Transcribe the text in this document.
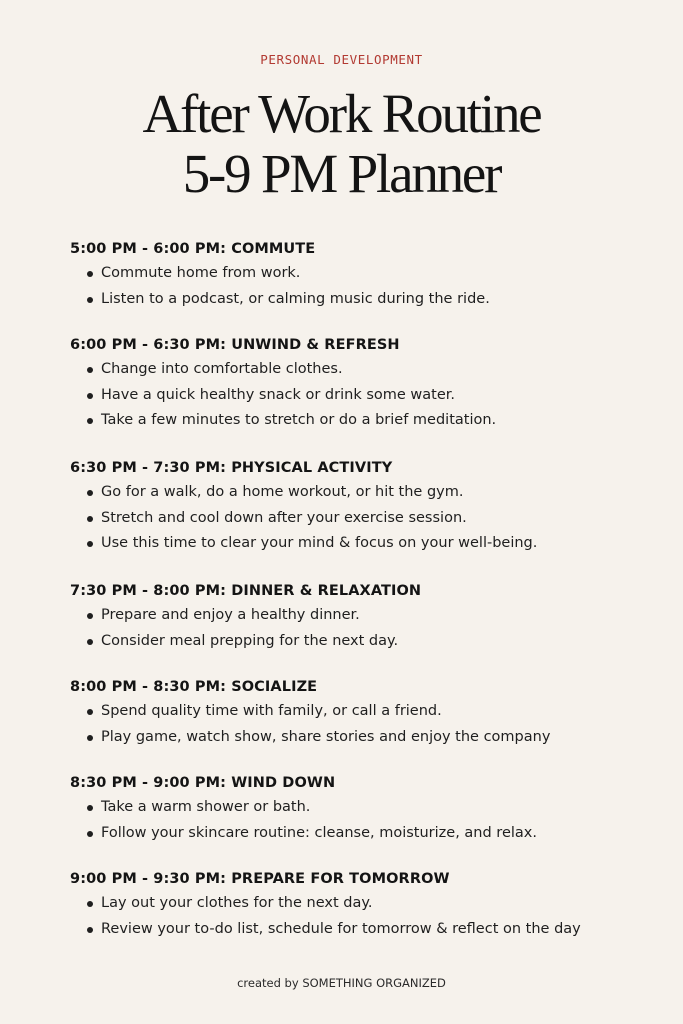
PERSONAL DEVELOPMENT
After Work Routine
5-9 PM Planner
5:00 PM - 6:00 PM: COMMUTE
Commute home from work.
Listen to a podcast, or calming music during the ride.
6:00 PM - 6:30 PM: UNWIND & REFRESH
Change into comfortable clothes.
Have a quick healthy snack or drink some water.
Take a few minutes to stretch or do a brief meditation.
6:30 PM - 7:30 PM: PHYSICAL ACTIVITY
Go for a walk, do a home workout, or hit the gym.
Stretch and cool down after your exercise session.
Use this time to clear your mind & focus on your well-being.
7:30 PM - 8:00 PM: DINNER & RELAXATION
Prepare and enjoy a healthy dinner.
Consider meal prepping for the next day.
8:00 PM - 8:30 PM: SOCIALIZE
Spend quality time with family, or call a friend.
Play game, watch show, share stories and enjoy the company
8:30 PM - 9:00 PM: WIND DOWN
Take a warm shower or bath.
Follow your skincare routine: cleanse, moisturize, and relax.
9:00 PM - 9:30 PM: PREPARE FOR TOMORROW
Lay out your clothes for the next day.
Review your to-do list, schedule for tomorrow & reflect on the day
created by SOMETHING ORGANIZED
